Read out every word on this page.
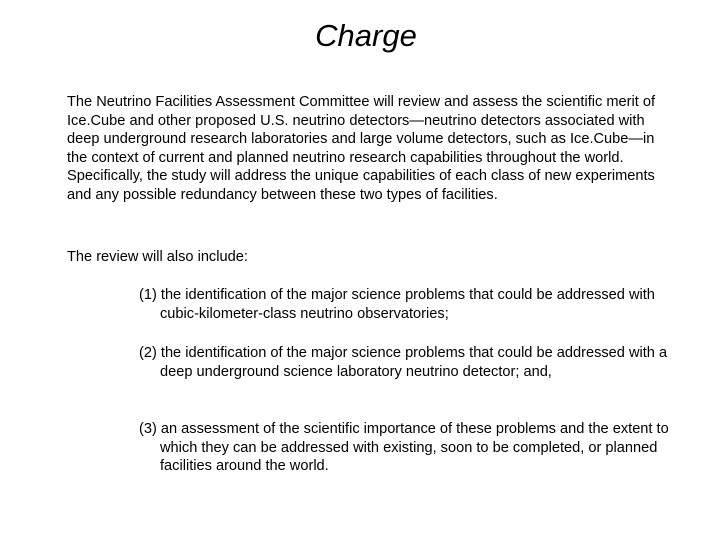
Charge

The Neutrino Facilities Assessment Committee will review and assess the scientific merit of Ice.Cube and other proposed U.S. neutrino detectors—neutrino detectors associated with deep underground research laboratories and large volume detectors, such as Ice.Cube—in the context of current and planned neutrino research capabilities throughout the world. Specifically, the study will address the unique capabilities of each class of new experiments and any possible redundancy between these two types of facilities.

The review will also include:

(1) the identification of the major science problems that could be addressed with cubic-kilometer-class neutrino observatories;

(2) the identification of the major science problems that could be addressed with a deep underground science laboratory neutrino detector; and,

(3) an assessment of the scientific importance of these problems and the extent to which they can be addressed with existing, soon to be completed, or planned facilities around the world.
